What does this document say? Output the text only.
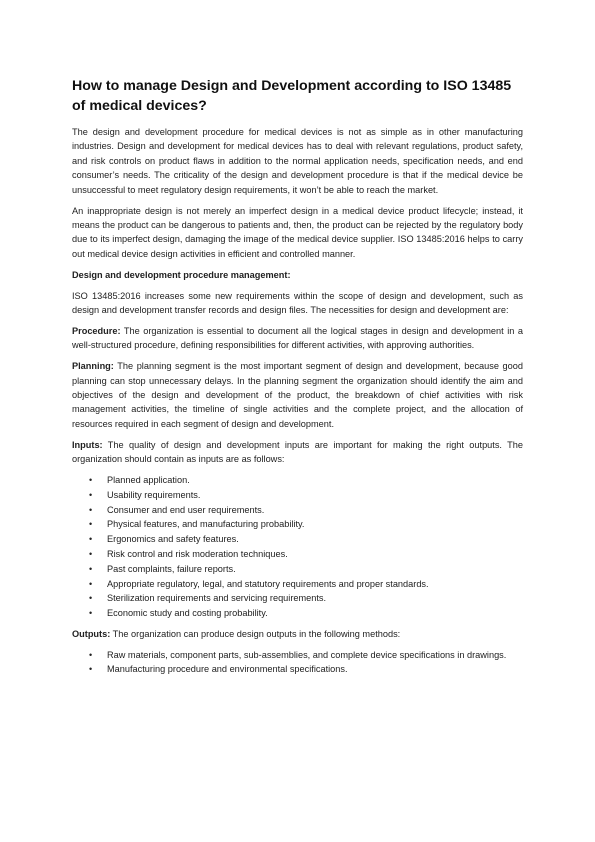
How to manage Design and Development according to ISO 13485 of medical devices?

The design and development procedure for medical devices is not as simple as in other manufacturing industries. Design and development for medical devices has to deal with relevant regulations, product safety, and risk controls on product flaws in addition to the normal application needs, specification needs, and end consumer’s needs. The criticality of the design and development procedure is that if the medical device be unsuccessful to meet regulatory design requirements, it won’t be able to reach the market.

An inappropriate design is not merely an imperfect design in a medical device product lifecycle; instead, it means the product can be dangerous to patients and, then, the product can be rejected by the regulatory body due to its imperfect design, damaging the image of the medical device supplier. ISO 13485:2016 helps to carry out medical device design activities in efficient and controlled manner.

Design and development procedure management:

ISO 13485:2016 increases some new requirements within the scope of design and development, such as design and development transfer records and design files. The necessities for design and development are:

Procedure: The organization is essential to document all the logical stages in design and development in a well-structured procedure, defining responsibilities for different activities, with approving authorities.

Planning: The planning segment is the most important segment of design and development, because good planning can stop unnecessary delays. In the planning segment the organization should identify the aim and objectives of the design and development of the product, the breakdown of chief activities with risk management activities, the timeline of single activities and the complete project, and the allocation of resources required in each segment of design and development.

Inputs: The quality of design and development inputs are important for making the right outputs. The organization should contain as inputs are as follows:

• Planned application.
• Usability requirements.
• Consumer and end user requirements.
• Physical features, and manufacturing probability.
• Ergonomics and safety features.
• Risk control and risk moderation techniques.
• Past complaints, failure reports.
• Appropriate regulatory, legal, and statutory requirements and proper standards.
• Sterilization requirements and servicing requirements.
• Economic study and costing probability.

Outputs: The organization can produce design outputs in the following methods:

• Raw materials, component parts, sub-assemblies, and complete device specifications in drawings.
• Manufacturing procedure and environmental specifications.
